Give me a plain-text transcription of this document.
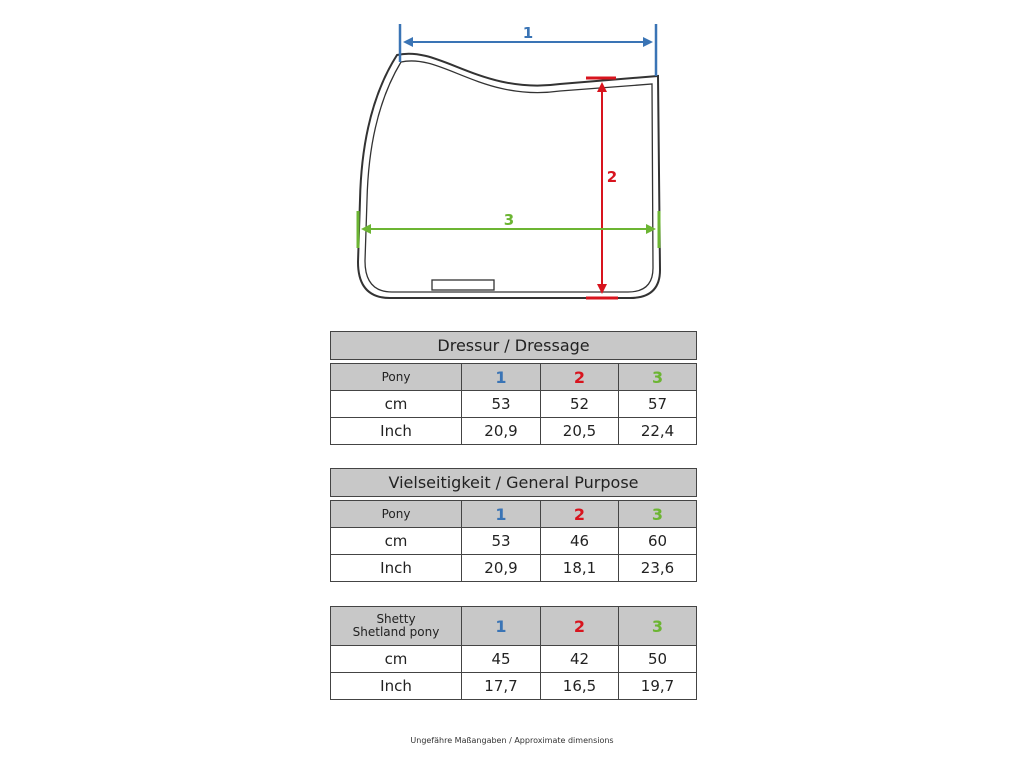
1
2
3
Dressur / Dressage			

Pony	1	2	3
cm	53	52	57
Inch	20,9	20,5	22,4
Vielseitigkeit / General Purpose			

Pony	1	2	3
cm	53	46	60
Inch	20,9	18,1	23,6
Shetty
Shetland pony	1	2	3
cm	45	42	50
Inch	17,7	16,5	19,7
Ungefähre Maßangaben / Approximate dimensions
